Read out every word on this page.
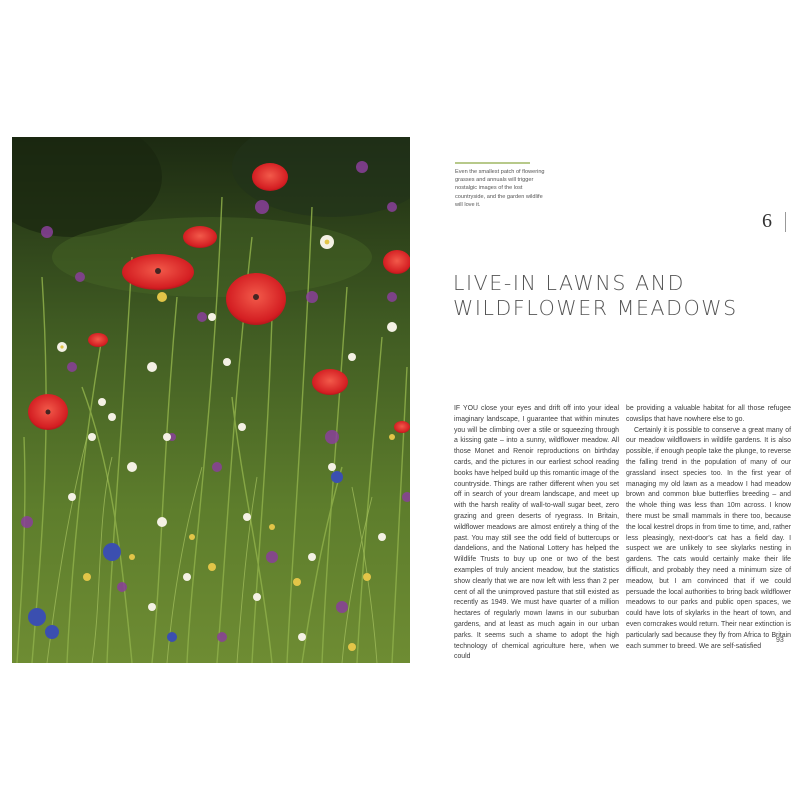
Even the smallest patch of flowering grasses and annuals will trigger nostalgic images of the lost countryside, and the garden wildlife will love it.
6
LIVE-IN LAWNS AND
WILDFLOWER MEADOWS

IF YOU close your eyes and drift off into your ideal imaginary landscape, I guarantee that within minutes you will be climbing over a stile or squeezing through a kissing gate – into a sunny, wildflower meadow. All those Monet and Renoir reproductions on birthday cards, and the pictures in our earliest school reading books have helped build up this romantic image of the countryside. Things are rather different when you set off in search of your dream landscape, and meet up with the harsh reality of wall-to-wall sugar beet, zero grazing and green deserts of ryegrass. In Britain, wildflower meadows are almost entirely a thing of the past. You may still see the odd field of buttercups or dandelions, and the National Lottery has helped the Wildlife Trusts to buy up one or two of the best examples of truly ancient meadow, but the statistics show clearly that we are now left with less than 2 per cent of all the unimproved pasture that still existed as recently as 1949. We must have quarter of a million hectares of regularly mown lawns in our suburban gardens, and at least as much again in our urban parks. It seems such a shame to adopt the high technology of chemical agriculture here, when we could

be providing a valuable habitat for all those refugee cowslips that have nowhere else to go.

Certainly it is possible to conserve a great many of our meadow wildflowers in wildlife gardens. It is also possible, if enough people take the plunge, to reverse the falling trend in the population of many of our grassland insect species too. In the first year of managing my old lawn as a meadow I had meadow brown and common blue butterflies breeding – and the whole thing was less than 10m across. I know there must be small mammals in there too, because the local kestrel drops in from time to time, and, rather less pleasingly, next-door's cat has a field day. I suspect we are unlikely to see skylarks nesting in gardens. The cats would certainly make their life difficult, and probably they need a minimum size of meadow, but I am convinced that if we could persuade the local authorities to bring back wildflower meadows to our parks and public open spaces, we could have lots of skylarks in the heart of town, and even corncrakes would return. Their near extinction is particularly sad because they fly from Africa to Britain each summer to breed. We are self-satisfied

93
